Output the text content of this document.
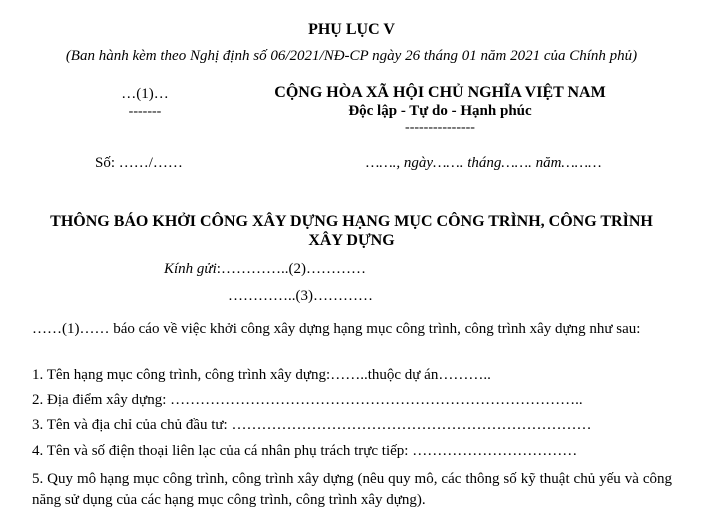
PHỤ LỤC V
(Ban hành kèm theo Nghị định số 06/2021/NĐ-CP ngày 26 tháng 01 năm 2021 của Chính phủ)
…(1)…
-------
Số: ……/……
CỘNG HÒA XÃ HỘI CHỦ NGHĨA VIỆT NAM
Độc lập - Tự do - Hạnh phúc
---------------
……., ngày……. tháng……. năm………
THÔNG BÁO KHỞI CÔNG XÂY DỰNG HẠNG MỤC CÔNG TRÌNH, CÔNG TRÌNH
XÂY DỰNG
Kính gửi:…………..(2)…………
…………..(3)…………
……(1)…… báo cáo về việc khởi công xây dựng hạng mục công trình, công trình xây dựng như sau:
1. Tên hạng mục công trình, công trình xây dựng:……..thuộc dự án………..
2. Địa điểm xây dựng: ………………………………………………………………………..
3. Tên và địa chỉ của chủ đầu tư: ………………………………………………………………
4. Tên và số điện thoại liên lạc của cá nhân phụ trách trực tiếp: ……………………………
5. Quy mô hạng mục công trình, công trình xây dựng (nêu quy mô, các thông số kỹ thuật chủ yếu và công năng sử dụng của các hạng mục công trình, công trình xây dựng).
